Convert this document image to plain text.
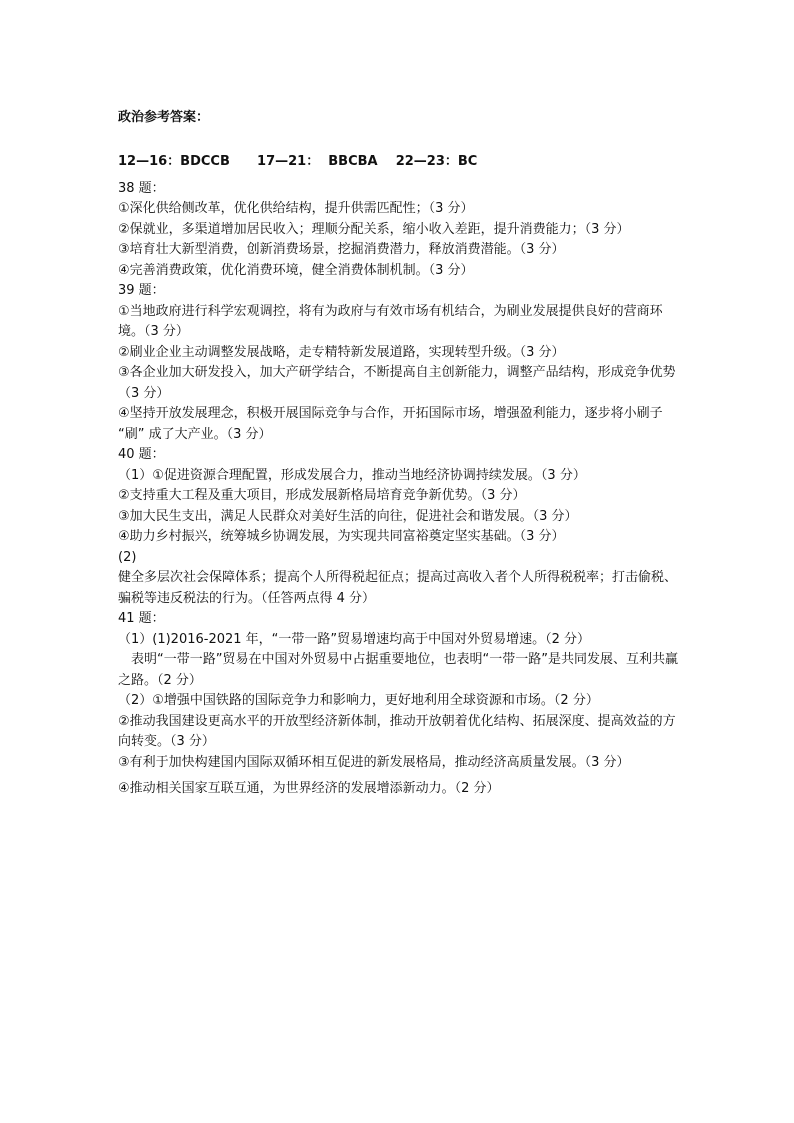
政治参考答案：

12—16：BDCCB      17—21：  BBCBA    22—23：BC

38 题：

①深化供给侧改革，优化供给结构，提升供需匹配性；（3 分）

②保就业，多渠道增加居民收入；理顺分配关系，缩小收入差距，提升消费能力；（3 分）

③培育壮大新型消费，创新消费场景，挖掘消费潜力，释放消费潜能。（3 分）

④完善消费政策，优化消费环境，健全消费体制机制。（3 分）

39 题：

①当地政府进行科学宏观调控，将有为政府与有效市场有机结合，为刷业发展提供良好的营商环境。（3 分）

②刷业企业主动调整发展战略，走专精特新发展道路，实现转型升级。（3 分）

③各企业加大研发投入，加大产研学结合，不断提高自主创新能力，调整产品结构，形成竞争优势（3 分）

④坚持开放发展理念，积极开展国际竞争与合作，开拓国际市场，增强盈利能力，逐步将小刷子 “刷” 成了大产业。（3 分）

40 题：

（1）①促进资源合理配置，形成发展合力，推动当地经济协调持续发展。（3 分）

②支持重大工程及重大项目，形成发展新格局培育竞争新优势。（3 分）

③加大民生支出，满足人民群众对美好生活的向往，促进社会和谐发展。（3 分）

④助力乡村振兴，统筹城乡协调发展，为实现共同富裕奠定坚实基础。（3 分）

(2)

健全多层次社会保障体系；提高个人所得税起征点；提高过高收入者个人所得税税率；打击偷税、骗税等违反税法的行为。（任答两点得 4 分）

41 题：

（1）(1)2016-2021 年，“一带一路”贸易增速均高于中国对外贸易增速。（2 分）

　表明“一带一路”贸易在中国对外贸易中占据重要地位，也表明“一带一路”是共同发展、互利共赢之路。（2 分）

（2）①增强中国铁路的国际竞争力和影响力，更好地利用全球资源和市场。（2 分）

②推动我国建设更高水平的开放型经济新体制，推动开放朝着优化结构、拓展深度、提高效益的方向转变。（3 分）

③有利于加快构建国内国际双循环相互促进的新发展格局，推动经济高质量发展。（3 分）

④推动相关国家互联互通，为世界经济的发展增添新动力。（2 分）
